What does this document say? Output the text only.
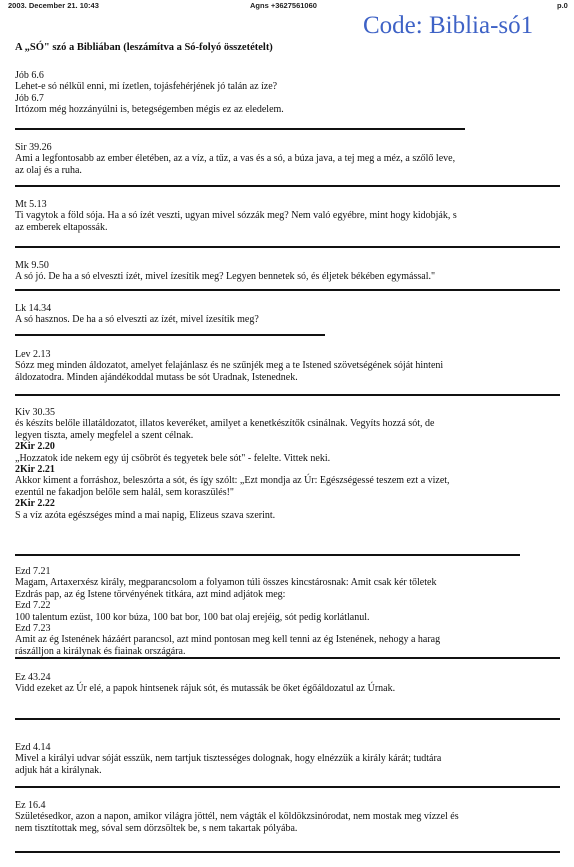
2003. December 21. 10:43	Agns +3627561060	p.0
Code: Biblia-só1
A „SÓ" szó a Bibliában (leszámítva a Só-folyó összetételt)

Jób 6.6

Lehet-e só nélkül enni, mi ízetlen, tojásfehérjének jó talán az íze?

Jób 6.7

Irtózom még hozzányúlni is, betegségemben mégis ez az eledelem.

Sir 39.26

Ami a legfontosabb az ember életében, az a víz, a tűz, a vas és a só, a búza java, a tej meg a méz, a szőlő leve,

az olaj és a ruha.

Mt 5.13

Ti vagytok a föld sója. Ha a só ízét veszti, ugyan mivel sózzák meg? Nem való egyébre, mint hogy kidobják, s

az emberek eltapossák.

Mk 9.50

A só jó. De ha a só elveszti ízét, mivel ízesítik meg? Legyen bennetek só, és éljetek békében egymással."

Lk 14.34

A só hasznos. De ha a só elveszti az ízét, mivel ízesítik meg?

Lev 2.13

Sózz meg minden áldozatot, amelyet felajánlasz és ne szűnjék meg a te Istened szövetségének sóját hinteni

áldozatodra. Minden ajándékoddal mutass be sót Uradnak, Istenednek.

Kiv 30.35

és készíts belőle illatáldozatot, illatos keveréket, amilyet a kenetkészítők csinálnak. Vegyíts hozzá sót, de

legyen tiszta, amely megfelel a szent célnak.

2Kir 2.20

„Hozzatok ide nekem egy új csöbröt és tegyetek bele sót" - felelte. Vittek neki.

2Kir 2.21

Akkor kiment a forráshoz, beleszórta a sót, és így szólt: „Ezt mondja az Úr: Egészségessé teszem ezt a vizet,

ezentúl ne fakadjon belőle sem halál, sem koraszülés!"

2Kir 2.22

S a víz azóta egészséges mind a mai napig, Elizeus szava szerint.

Ezd 7.21

Magam, Artaxerxész király, megparancsolom a folyamon túli összes kincstárosnak: Amit csak kér tőletek

Ezdrás pap, az ég Istene törvényének titkára, azt mind adjátok meg:

Ezd 7.22

100 talentum ezüst, 100 kor búza, 100 bat bor, 100 bat olaj erejéig, sót pedig korlátlanul.

Ezd 7.23

Amit az ég Istenének házáért parancsol, azt mind pontosan meg kell tenni az ég Istenének, nehogy a harag

rászálljon a királynak és fiainak országára.

Ez 43.24

Vidd ezeket az Úr elé, a papok hintsenek rájuk sót, és mutassák be őket égőáldozatul az Úrnak.

Ezd 4.14

Mivel a királyi udvar sóját esszük, nem tartjuk tisztességes dolognak, hogy elnézzük a király kárát; tudtára

adjuk hát a királynak.

Ez 16.4

Születésedkor, azon a napon, amikor világra jöttél, nem vágták el köldökzsinórodat, nem mostak meg vízzel és

nem tisztítottak meg, sóval sem dörzsöltek be, s nem takartak pólyába.
